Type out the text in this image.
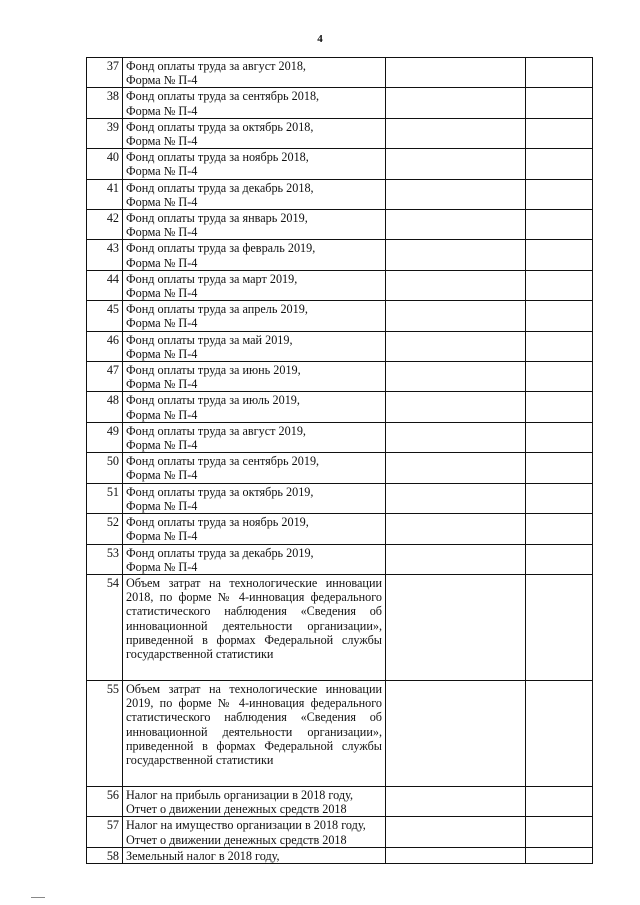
4
37	Фонд оплаты труда за август 2018,
Форма № П-4		

38	Фонд оплаты труда за сентябрь 2018,
Форма № П-4		

39	Фонд оплаты труда за октябрь 2018,
Форма № П-4		

40	Фонд оплаты труда за ноябрь 2018,
Форма № П-4		

41	Фонд оплаты труда за декабрь 2018,
Форма № П-4		

42	Фонд оплаты труда за январь 2019,
Форма № П-4		

43	Фонд оплаты труда за февраль 2019,
Форма № П-4		

44	Фонд оплаты труда за март 2019,
Форма № П-4		

45	Фонд оплаты труда за апрель 2019,
Форма № П-4		

46	Фонд оплаты труда за май 2019,
Форма № П-4		

47	Фонд оплаты труда за июнь 2019,
Форма № П-4		

48	Фонд оплаты труда за июль 2019,
Форма № П-4		

49	Фонд оплаты труда за август 2019,
Форма № П-4		

50	Фонд оплаты труда за сентябрь 2019,
Форма № П-4		

51	Фонд оплаты труда за октябрь 2019,
Форма № П-4		

52	Фонд оплаты труда за ноябрь 2019,
Форма № П-4		

53	Фонд оплаты труда за декабрь 2019,
Форма № П-4		

54	Объем затрат на технологические инновации 2018, по форме № 4-инновация федерального статистического наблюдения «Сведения об инновационной деятельности организации», приведенной в формах Федеральной службы государственной статистики		

55	Объем затрат на технологические инновации 2019, по форме № 4-инновация федерального статистического наблюдения «Сведения об инновационной деятельности организации», приведенной в формах Федеральной службы государственной статистики		

56	Налог на прибыль организации в 2018 году,
Отчет о движении денежных средств 2018		

57	Налог на имущество организации в 2018 году,
Отчет о движении денежных средств 2018		

58	Земельный налог в 2018 году,		
